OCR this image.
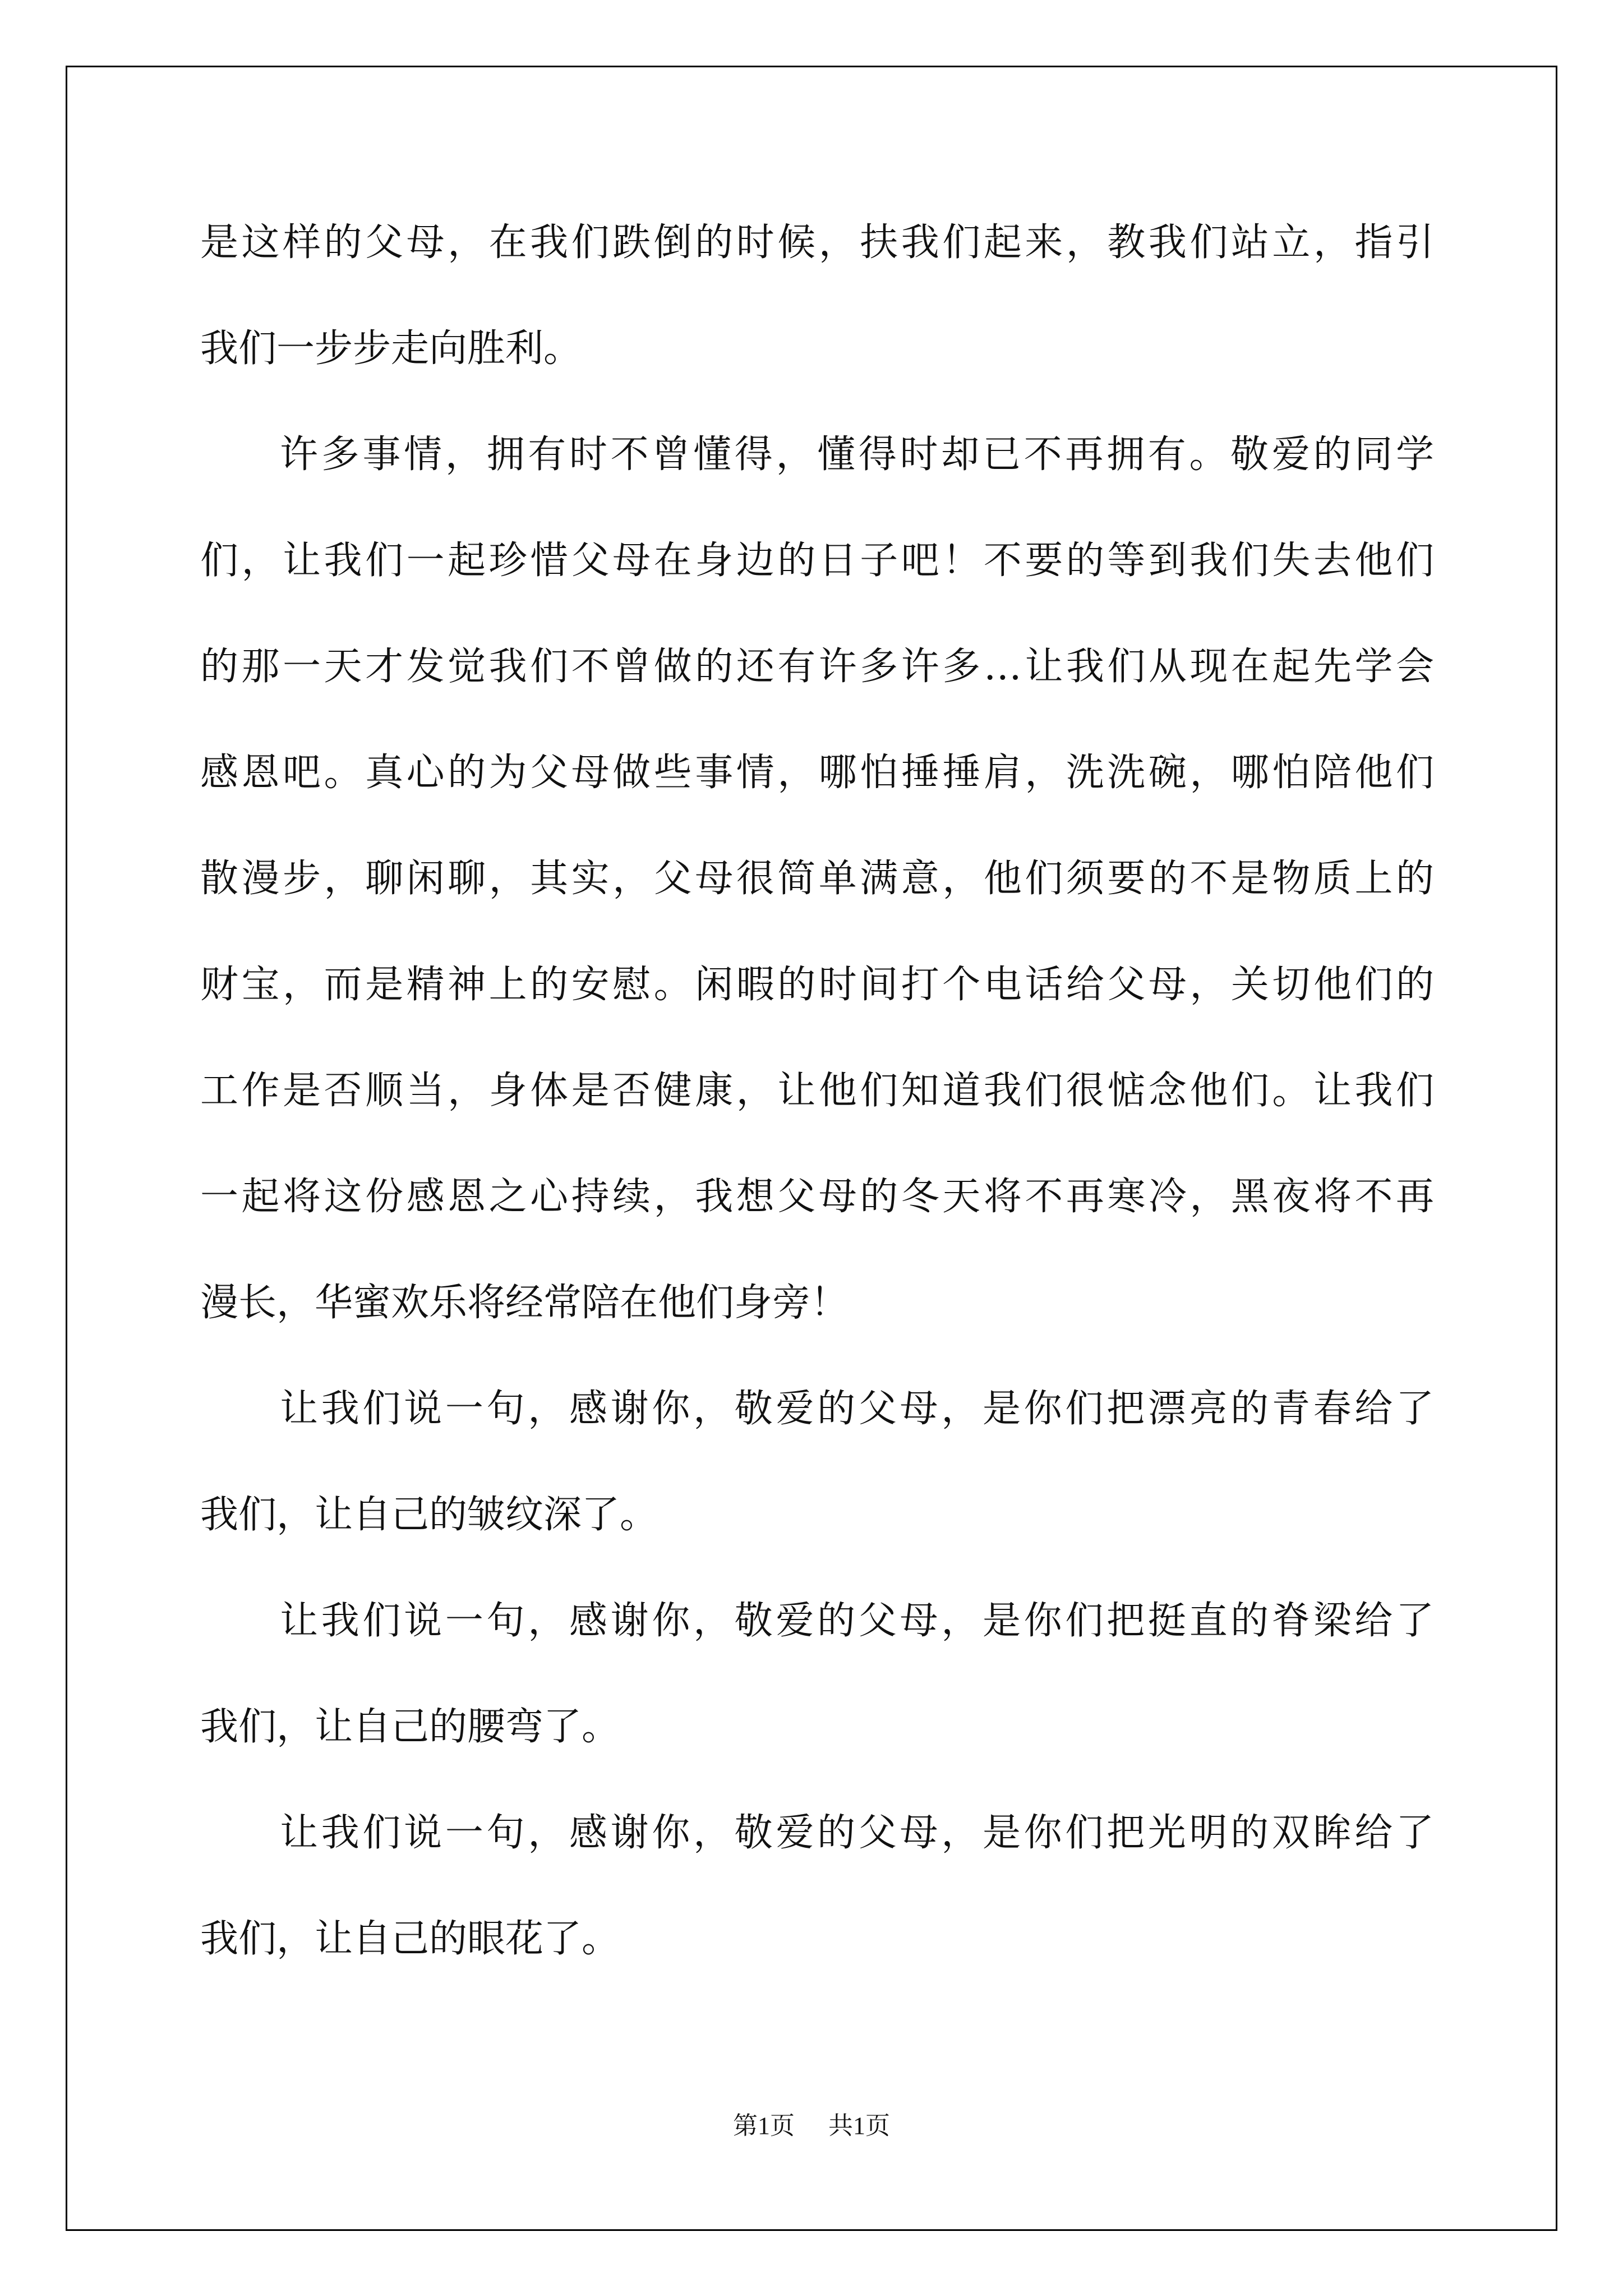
是这样的父母，在我们跌倒的时候，扶我们起来，教我们站立，指引
我们一步步走向胜利。
许多事情，拥有时不曾懂得，懂得时却已不再拥有。敬爱的同学
们，让我们一起珍惜父母在身边的日子吧！不要的等到我们失去他们
的那一天才发觉我们不曾做的还有许多许多…让我们从现在起先学会
感恩吧。真心的为父母做些事情，哪怕捶捶肩，洗洗碗，哪怕陪他们
散漫步，聊闲聊，其实，父母很简单满意，他们须要的不是物质上的
财宝，而是精神上的安慰。闲暇的时间打个电话给父母，关切他们的
工作是否顺当，身体是否健康，让他们知道我们很惦念他们。让我们
一起将这份感恩之心持续，我想父母的冬天将不再寒冷，黑夜将不再
漫长，华蜜欢乐将经常陪在他们身旁！
让我们说一句，感谢你，敬爱的父母，是你们把漂亮的青春给了
我们，让自己的皱纹深了。
让我们说一句，感谢你，敬爱的父母，是你们把挺直的脊梁给了
我们，让自己的腰弯了。
让我们说一句，感谢你，敬爱的父母，是你们把光明的双眸给了
我们，让自己的眼花了。
第1页 共1页
